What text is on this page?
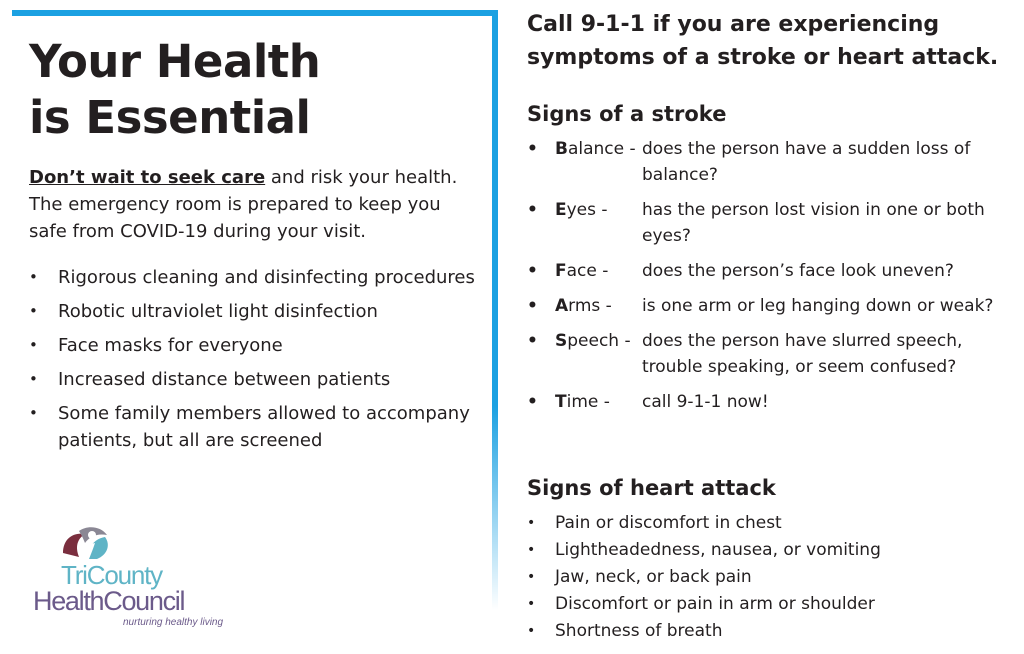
Your Health
is Essential

Don’t wait to seek care and risk your health. The emergency room is prepared to keep you safe from COVID-19 during your visit.

• Rigorous cleaning and disinfecting procedures
• Robotic ultraviolet light disinfection
• Face masks for everyone
• Increased distance between patients
• Some family members allowed to accompany patients, but all are screened

TriCounty

HealthCouncil

nurturing healthy living

Call 9-1-1 if you are experiencing symptoms of a stroke or heart attack.
Signs of a stroke
• Balance - does the person have a sudden loss of balance?
• Eyes -	has the person lost vision in one or both eyes?
• Face -	does the person’s face look uneven?
• Arms -	is one arm or leg hanging down or weak?
• Speech - does the person have slurred speech, trouble speaking, or seem confused?
• Time -	call 9-1-1 now!
Signs of heart attack
• Pain or discomfort in chest
• Lightheadedness, nausea, or vomiting
• Jaw, neck, or back pain
• Discomfort or pain in arm or shoulder
• Shortness of breath
